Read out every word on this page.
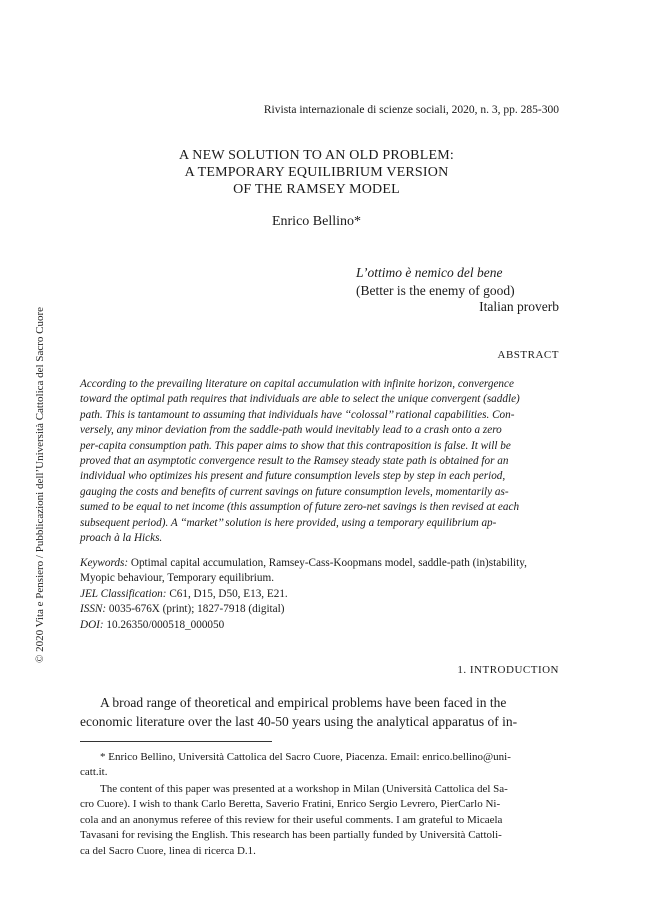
© 2020 Vita e Pensiero / Pubblicazioni dell’Università Cattolica del Sacro Cuore
Rivista internazionale di scienze sociali, 2020, n. 3, pp. 285-300
A NEW SOLUTION TO AN OLD PROBLEM:
A TEMPORARY EQUILIBRIUM VERSION
OF THE RAMSEY MODEL
Enrico Bellino*
L’ottimo è nemico del bene
(Better is the enemy of good)
Italian proverb
ABSTRACT
According to the prevailing literature on capital accumulation with infinite horizon, convergence
toward the optimal path requires that individuals are able to select the unique convergent (saddle)
path. This is tantamount to assuming that individuals have ‘‘colossal’’ rational capabilities. Con-
versely, any minor deviation from the saddle-path would inevitably lead to a crash onto a zero
per-capita consumption path. This paper aims to show that this contraposition is false. It will be
proved that an asymptotic convergence result to the Ramsey steady state path is obtained for an
individual who optimizes his present and future consumption levels step by step in each period,
gauging the costs and benefits of current savings on future consumption levels, momentarily as-
sumed to be equal to net income (this assumption of future zero-net savings is then revised at each
subsequent period). A ‘‘market’’ solution is here provided, using a temporary equilibrium ap-
proach à la Hicks.
Keywords: Optimal capital accumulation, Ramsey-Cass-Koopmans model, saddle-path (in)stability,
Myopic behaviour, Temporary equilibrium.
JEL Classification: C61, D15, D50, E13, E21.
ISSN: 0035-676X (print); 1827-7918 (digital)
DOI: 10.26350/000518_000050
1. INTRODUCTION
A broad range of theoretical and empirical problems have been faced in the
economic literature over the last 40-50 years using the analytical apparatus of in-
* Enrico Bellino, Università Cattolica del Sacro Cuore, Piacenza. Email: enrico.bellino@uni-
catt.it.
The content of this paper was presented at a workshop in Milan (Università Cattolica del Sa-
cro Cuore). I wish to thank Carlo Beretta, Saverio Fratini, Enrico Sergio Levrero, PierCarlo Ni-
cola and an anonymus referee of this review for their useful comments. I am grateful to Micaela
Tavasani for revising the English. This research has been partially funded by Università Cattoli-
ca del Sacro Cuore, linea di ricerca D.1.
